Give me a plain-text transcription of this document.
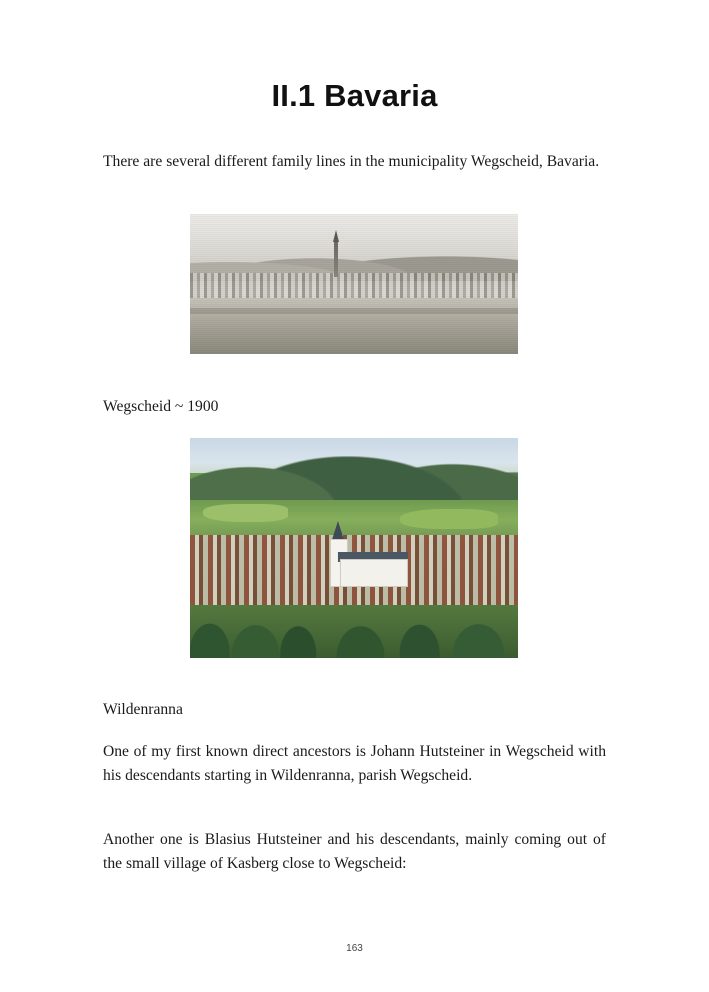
II.1 Bavaria

There are several different family lines in the municipality Wegscheid, Bavaria.

Wegscheid ~ 1900
Wildenranna

One of my first known direct ancestors is Johann Hutsteiner in Wegscheid with his descendants starting in Wildenranna, parish Wegscheid.

Another one is Blasius Hutsteiner and his descendants, mainly coming out of the small village of Kasberg close to Wegscheid:

163
